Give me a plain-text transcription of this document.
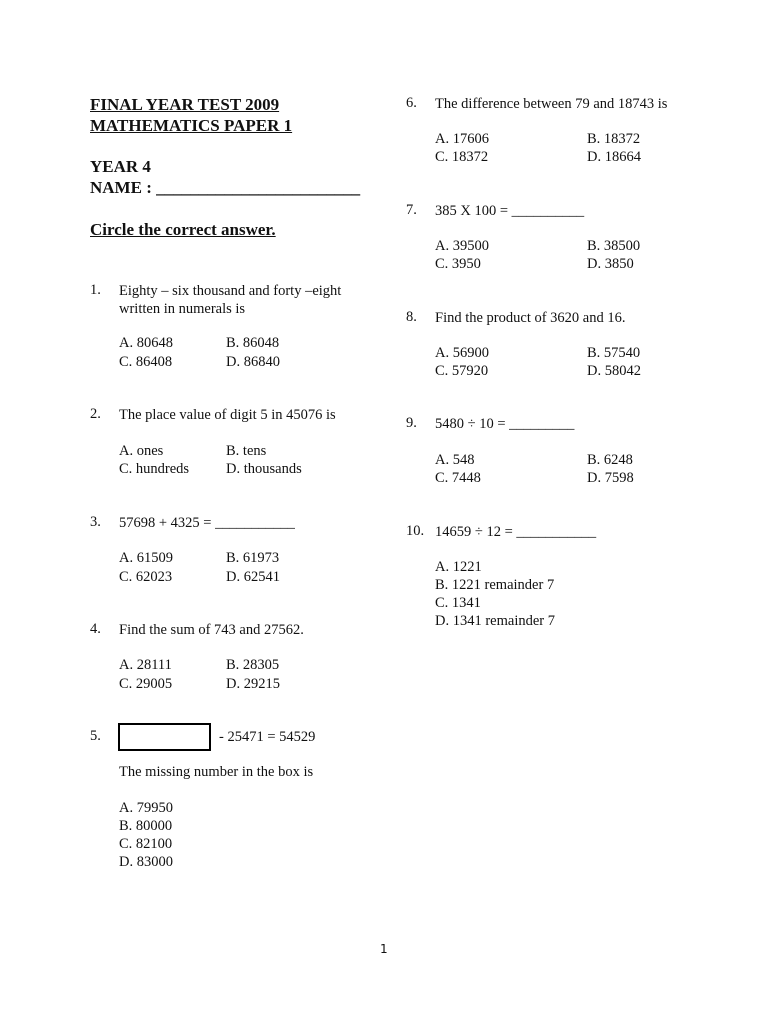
FINAL YEAR TEST 2009
MATHEMATICS PAPER 1
YEAR 4
NAME : ________________________
Circle the correct answer.
1. Eighty – six thousand and forty –eight
written in numerals is
A. 80648	B. 86048
C. 86408	D. 86840
2. The place value of digit 5 in 45076 is
A. ones	B. tens
C. hundreds	D. thousands
3. 57698 + 4325 = ___________
A. 61509	B. 61973
C. 62023	D. 62541
4. Find the sum of 743 and 27562.
A. 28111	B. 28305
C. 29005	D. 29215
5.	- 25471 = 54529
The missing number in the box is
A. 79950
B. 80000
C. 82100
D. 83000
6. The difference between 79 and 18743 is
A. 17606	B. 18372
C. 18372	D. 18664
7. 385 X 100 = __________
A. 39500	B. 38500
C. 3950	D. 3850
8. Find the product of 3620 and 16.
A. 56900	B. 57540
C. 57920	D. 58042
9. 5480 ÷ 10 = _________
A. 548	B. 6248
C. 7448	D. 7598
10. 14659 ÷ 12 = ___________
A. 1221
B. 1221 remainder 7
C. 1341
D. 1341 remainder 7
1
